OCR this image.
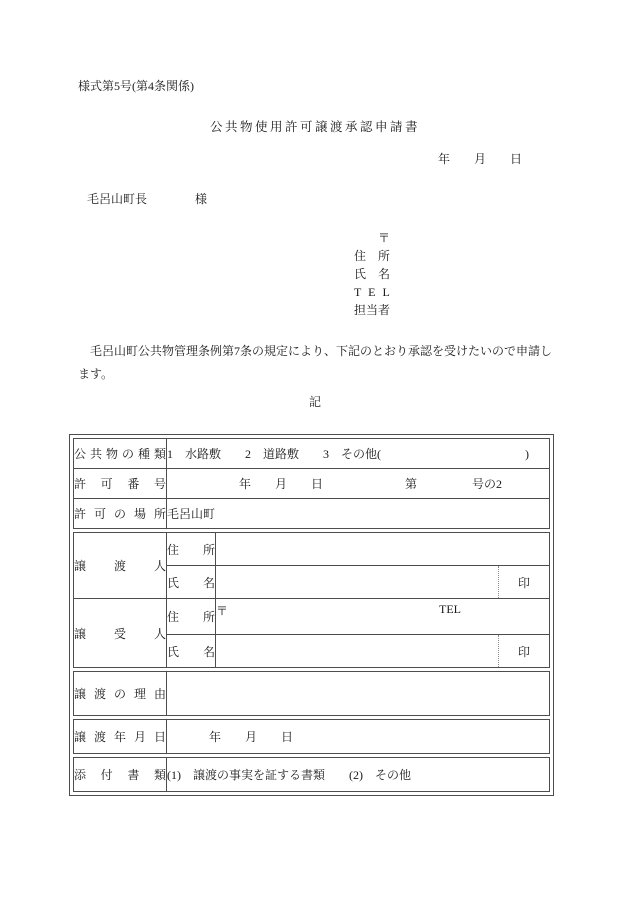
様式第5号(第4条関係)
公共物使用許可譲渡承認申請書
年　　月　　日
毛呂山町長	様
〒
住　所
氏　名
T E L
担当者
毛呂山町公共物管理条例第7条の規定により、下記のとおり承認を受けたいので申請します。
記
公共物の種類	1　水路敷　　2　道路敷　　3　その他(　　　　　　　　　　　　)
許 可 番 号	年　　月　　日 第 号の2

許 可 の 場 所	毛呂山町
譲 渡 人	住 所	

	氏 名	印

譲 受 人	住 所	〒 TEL

	氏 名	印
譲 渡 の 理 由	
譲 渡 年 月 日	年　　月　　日
添 付 書 類	(1)　譲渡の事実を証する書類　　(2)　その他
